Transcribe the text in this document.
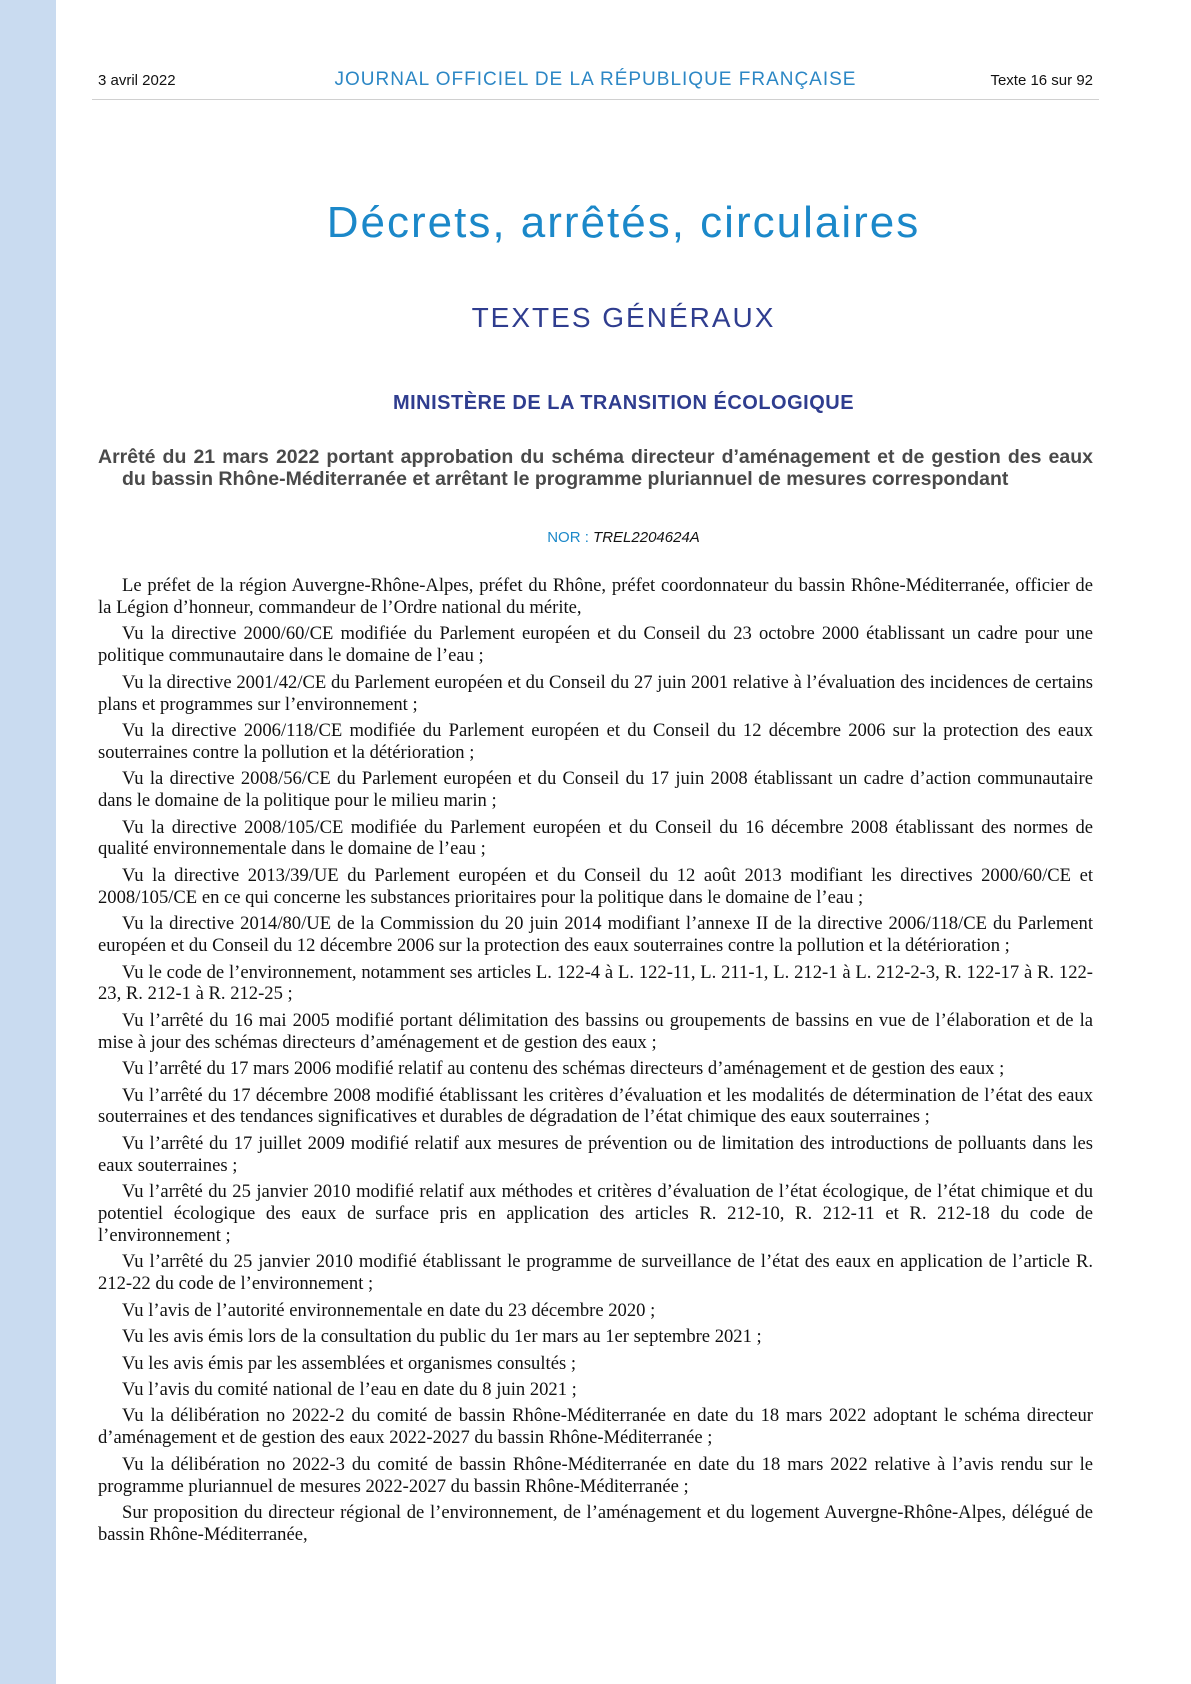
3 avril 2022	JOURNAL OFFICIEL DE LA RÉPUBLIQUE FRANÇAISE	Texte 16 sur 92
Décrets, arrêtés, circulaires
TEXTES GÉNÉRAUX
MINISTÈRE DE LA TRANSITION ÉCOLOGIQUE
Arrêté du 21 mars 2022 portant approbation du schéma directeur d’aménagement et de gestion des eaux du bassin Rhône-Méditerranée et arrêtant le programme pluriannuel de mesures correspondant
NOR : TREL2204624A

Le préfet de la région Auvergne-Rhône-Alpes, préfet du Rhône, préfet coordonnateur du bassin Rhône-Méditerranée, officier de la Légion d’honneur, commandeur de l’Ordre national du mérite,

Vu la directive 2000/60/CE modifiée du Parlement européen et du Conseil du 23 octobre 2000 établissant un cadre pour une politique communautaire dans le domaine de l’eau ;

Vu la directive 2001/42/CE du Parlement européen et du Conseil du 27 juin 2001 relative à l’évaluation des incidences de certains plans et programmes sur l’environnement ;

Vu la directive 2006/118/CE modifiée du Parlement européen et du Conseil du 12 décembre 2006 sur la protection des eaux souterraines contre la pollution et la détérioration ;

Vu la directive 2008/56/CE du Parlement européen et du Conseil du 17 juin 2008 établissant un cadre d’action communautaire dans le domaine de la politique pour le milieu marin ;

Vu la directive 2008/105/CE modifiée du Parlement européen et du Conseil du 16 décembre 2008 établissant des normes de qualité environnementale dans le domaine de l’eau ;

Vu la directive 2013/39/UE du Parlement européen et du Conseil du 12 août 2013 modifiant les directives 2000/60/CE et 2008/105/CE en ce qui concerne les substances prioritaires pour la politique dans le domaine de l’eau ;

Vu la directive 2014/80/UE de la Commission du 20 juin 2014 modifiant l’annexe II de la directive 2006/118/CE du Parlement européen et du Conseil du 12 décembre 2006 sur la protection des eaux souterraines contre la pollution et la détérioration ;

Vu le code de l’environnement, notamment ses articles L. 122-4 à L. 122-11, L. 211-1, L. 212-1 à L. 212-2-3, R. 122-17 à R. 122-23, R. 212-1 à R. 212-25 ;

Vu l’arrêté du 16 mai 2005 modifié portant délimitation des bassins ou groupements de bassins en vue de l’élaboration et de la mise à jour des schémas directeurs d’aménagement et de gestion des eaux ;

Vu l’arrêté du 17 mars 2006 modifié relatif au contenu des schémas directeurs d’aménagement et de gestion des eaux ;

Vu l’arrêté du 17 décembre 2008 modifié établissant les critères d’évaluation et les modalités de détermination de l’état des eaux souterraines et des tendances significatives et durables de dégradation de l’état chimique des eaux souterraines ;

Vu l’arrêté du 17 juillet 2009 modifié relatif aux mesures de prévention ou de limitation des introductions de polluants dans les eaux souterraines ;

Vu l’arrêté du 25 janvier 2010 modifié relatif aux méthodes et critères d’évaluation de l’état écologique, de l’état chimique et du potentiel écologique des eaux de surface pris en application des articles R. 212-10, R. 212-11 et R. 212-18 du code de l’environnement ;

Vu l’arrêté du 25 janvier 2010 modifié établissant le programme de surveillance de l’état des eaux en application de l’article R. 212-22 du code de l’environnement ;

Vu l’avis de l’autorité environnementale en date du 23 décembre 2020 ;

Vu les avis émis lors de la consultation du public du 1er mars au 1er septembre 2021 ;

Vu les avis émis par les assemblées et organismes consultés ;

Vu l’avis du comité national de l’eau en date du 8 juin 2021 ;

Vu la délibération no 2022-2 du comité de bassin Rhône-Méditerranée en date du 18 mars 2022 adoptant le schéma directeur d’aménagement et de gestion des eaux 2022-2027 du bassin Rhône-Méditerranée ;

Vu la délibération no 2022-3 du comité de bassin Rhône-Méditerranée en date du 18 mars 2022 relative à l’avis rendu sur le programme pluriannuel de mesures 2022-2027 du bassin Rhône-Méditerranée ;

Sur proposition du directeur régional de l’environnement, de l’aménagement et du logement Auvergne-Rhône-Alpes, délégué de bassin Rhône-Méditerranée,
